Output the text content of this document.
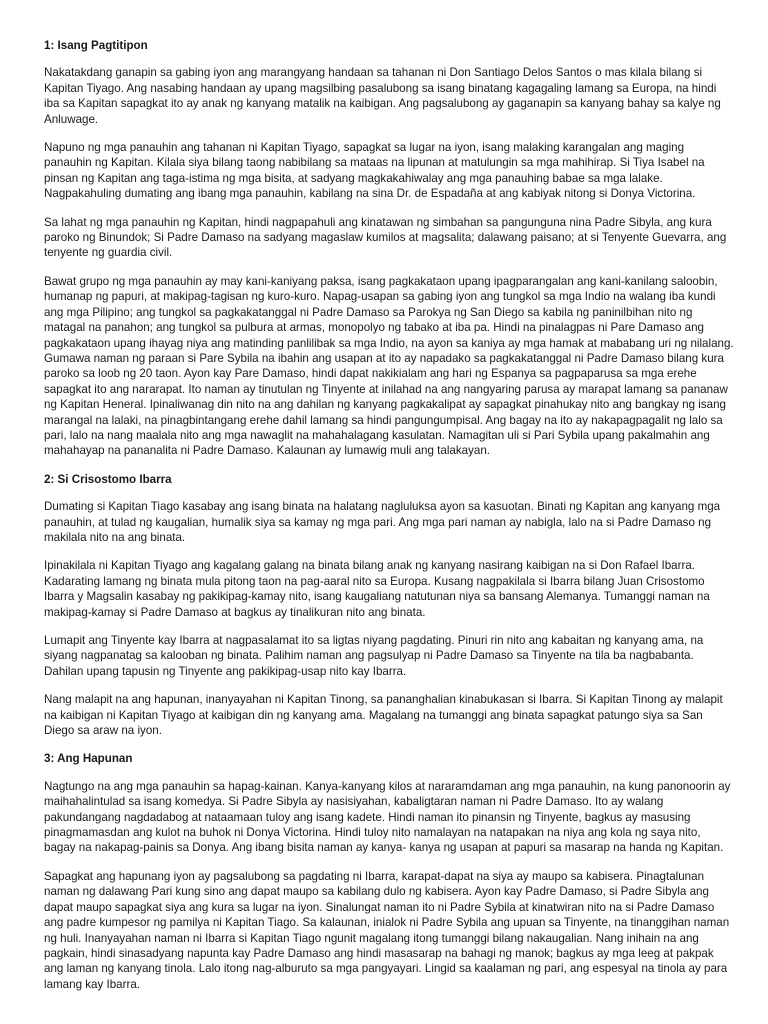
1: Isang Pagtitipon

Nakatakdang ganapin sa gabing iyon ang marangyang handaan sa tahanan ni Don Santiago Delos Santos o mas kilala bilang si Kapitan Tiyago. Ang nasabing handaan ay upang magsilbing pasalubong sa isang binatang kagagaling lamang sa Europa, na hindi iba sa Kapitan sapagkat ito ay anak ng kanyang matalik na kaibigan. Ang pagsalubong ay gaganapin sa kanyang bahay sa kalye ng Anluwage.

Napuno ng mga panauhin ang tahanan ni Kapitan Tiyago, sapagkat sa lugar na iyon, isang malaking karangalan ang maging panauhin ng Kapitan. Kilala siya bilang taong nabibilang sa mataas na lipunan at matulungin sa mga mahihirap. Si Tiya Isabel na pinsan ng Kapitan ang taga-istima ng mga bisita, at sadyang magkakahiwalay ang mga panauhing babae sa mga lalake. Nagpakahuling dumating ang ibang mga panauhin, kabilang na sina Dr. de Espadaña at ang kabiyak nitong si Donya Victorina.

Sa lahat ng mga panauhin ng Kapitan, hindi nagpapahuli ang kinatawan ng simbahan sa pangunguna nina Padre Sibyla, ang kura paroko ng Binundok; Si Padre Damaso na sadyang magaslaw kumilos at magsalita; dalawang paisano; at si Tenyente Guevarra, ang tenyente ng guardia civil.

Bawat grupo ng mga panauhin ay may kani-kaniyang paksa, isang pagkakataon upang ipagparangalan ang kani-kanilang saloobin, humanap ng papuri, at makipag-tagisan ng kuro-kuro. Napag-usapan sa gabing iyon ang tungkol sa mga Indio na walang iba kundi ang mga Pilipino; ang tungkol sa pagkakatanggal ni Padre Damaso sa Parokya ng San Diego sa kabila ng paninilbihan nito ng matagal na panahon; ang tungkol sa pulbura at armas, monopolyo ng tabako at iba pa. Hindi na pinalagpas ni Pare Damaso ang pagkakataon upang ihayag niya ang matinding panlilibak sa mga Indio, na ayon sa kaniya ay mga hamak at mababang uri ng nilalang. Gumawa naman ng paraan si Pare Sybila na ibahin ang usapan at ito ay napadako sa pagkakatanggal ni Padre Damaso bilang kura paroko sa loob ng 20 taon. Ayon kay Pare Damaso, hindi dapat nakikialam ang hari ng Espanya sa pagpaparusa sa mga erehe sapagkat ito ang nararapat. Ito naman ay tinutulan ng Tinyente at inilahad na ang nangyaring parusa ay marapat lamang sa pananaw ng Kapitan Heneral. Ipinaliwanag din nito na ang dahilan ng kanyang pagkakalipat ay sapagkat pinahukay nito ang bangkay ng isang marangal na lalaki, na pinagbintangang erehe dahil lamang sa hindi pangungumpisal. Ang bagay na ito ay nakapagpagalit ng lalo sa pari, lalo na nang maalala nito ang mga nawaglit na mahahalagang kasulatan. Namagitan uli si Pari Sybila upang pakalmahin ang mahahayap na pananalita ni Padre Damaso. Kalaunan ay lumawig muli ang talakayan.

2: Si Crisostomo Ibarra

Dumating si Kapitan Tiago kasabay ang isang binata na halatang nagluluksa ayon sa kasuotan. Binati ng Kapitan ang kanyang mga panauhin, at tulad ng kaugalian, humalik siya sa kamay ng mga pari. Ang mga pari naman ay nabigla, lalo na si Padre Damaso ng makilala nito na ang binata.

Ipinakilala ni Kapitan Tiyago ang kagalang galang na binata bilang anak ng kanyang nasirang kaibigan na si Don Rafael Ibarra. Kadarating lamang ng binata mula pitong taon na pag-aaral nito sa Europa. Kusang nagpakilala si Ibarra bilang Juan Crisostomo Ibarra y Magsalin kasabay ng pakikipag-kamay nito, isang kaugaliang natutunan niya sa bansang Alemanya. Tumanggi naman na makipag-kamay si Padre Damaso at bagkus ay tinalikuran nito ang binata.

Lumapit ang Tinyente kay Ibarra at nagpasalamat ito sa ligtas niyang pagdating. Pinuri rin nito ang kabaitan ng kanyang ama, na siyang nagpanatag sa kalooban ng binata. Palihim naman ang pagsulyap ni Padre Damaso sa Tinyente na tila ba nagbabanta. Dahilan upang tapusin ng Tinyente ang pakikipag-usap nito kay Ibarra.

Nang malapit na ang hapunan, inanyayahan ni Kapitan Tinong, sa pananghalian kinabukasan si Ibarra. Si Kapitan Tinong ay malapit na kaibigan ni Kapitan Tiyago at kaibigan din ng kanyang ama. Magalang na tumanggi ang binata sapagkat patungo siya sa San Diego sa araw na iyon.

3: Ang Hapunan

Nagtungo na ang mga panauhin sa hapag-kainan. Kanya-kanyang kilos at nararamdaman ang mga panauhin, na kung panonoorin ay maihahalintulad sa isang komedya. Si Padre Sibyla ay nasisiyahan, kabaligtaran naman ni Padre Damaso. Ito ay walang pakundangang nagdadabog at nataamaan tuloy ang isang kadete. Hindi naman ito pinansin ng Tinyente, bagkus ay masusing pinagmamasdan ang kulot na buhok ni Donya Victorina. Hindi tuloy nito namalayan na natapakan na niya ang kola ng saya nito, bagay na nakapag-painis sa Donya. Ang ibang bisita naman ay kanya- kanya ng usapan at papuri sa masarap na handa ng Kapitan.

Sapagkat ang hapunang iyon ay pagsalubong sa pagdating ni Ibarra, karapat-dapat na siya ay maupo sa kabisera. Pinagtalunan naman ng dalawang Pari kung sino ang dapat maupo sa kabilang dulo ng kabisera. Ayon kay Padre Damaso, si Padre Sibyla ang dapat maupo sapagkat siya ang kura sa lugar na iyon. Sinalungat naman ito ni Padre Sybila at kinatwiran nito na si Padre Damaso ang padre kumpesor ng pamilya ni Kapitan Tiago. Sa kalaunan, inialok ni Padre Sybila ang upuan sa Tinyente, na tinanggihan naman ng huli. Inanyayahan naman ni Ibarra si Kapitan Tiago ngunit magalang itong tumanggi bilang nakaugalian. Nang inihain na ang pagkain, hindi sinasadyang napunta kay Padre Damaso ang hindi masasarap na bahagi ng manok; bagkus ay mga leeg at pakpak ang laman ng kanyang tinola. Lalo itong nag-alburuto sa mga pangyayari. Lingid sa kaalaman ng pari, ang espesyal na tinola ay para lamang kay Ibarra.
